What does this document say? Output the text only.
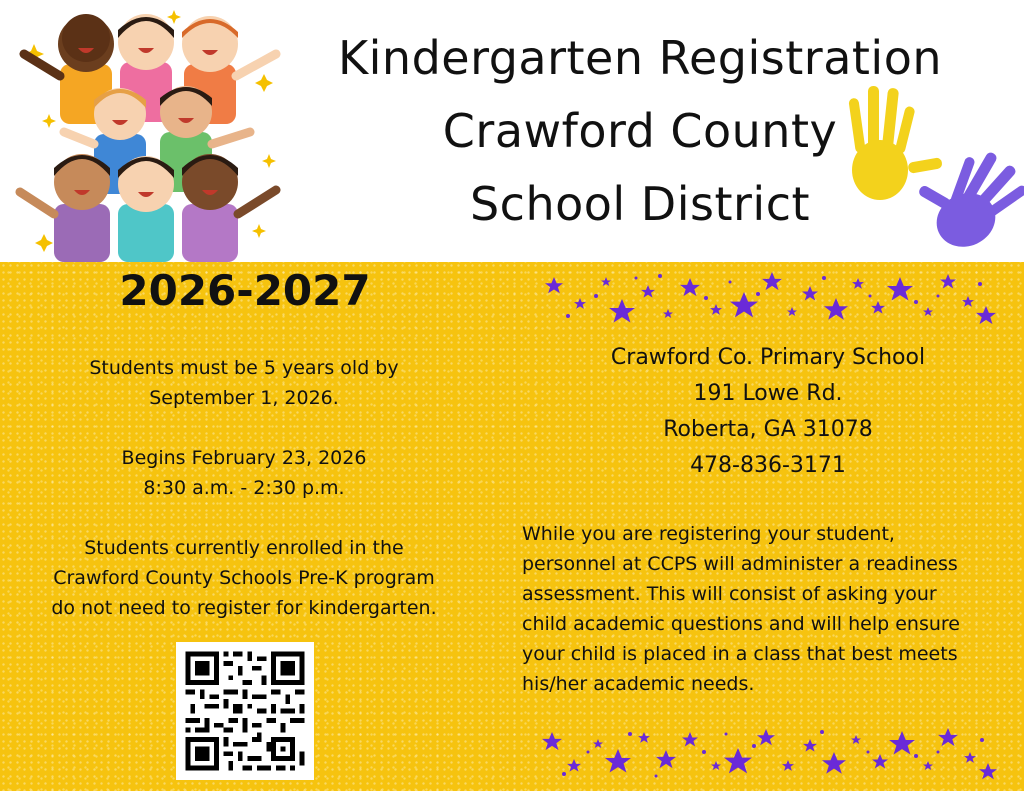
Kindergarten Registration
Crawford County
School District
2026-2027
Students must be 5 years old by
September 1, 2026.
Begins February 23, 2026
8:30 a.m. - 2:30 p.m.
Students currently enrolled in the
Crawford County Schools Pre-K program
do not need to register for kindergarten.
Crawford Co. Primary School
191 Lowe Rd.
Roberta, GA 31078
478-836-3171
While you are registering your student,
personnel at CCPS will administer a readiness
assessment. This will consist of asking your
child academic questions and will help ensure
your child is placed in a class that best meets
his/her academic needs.
